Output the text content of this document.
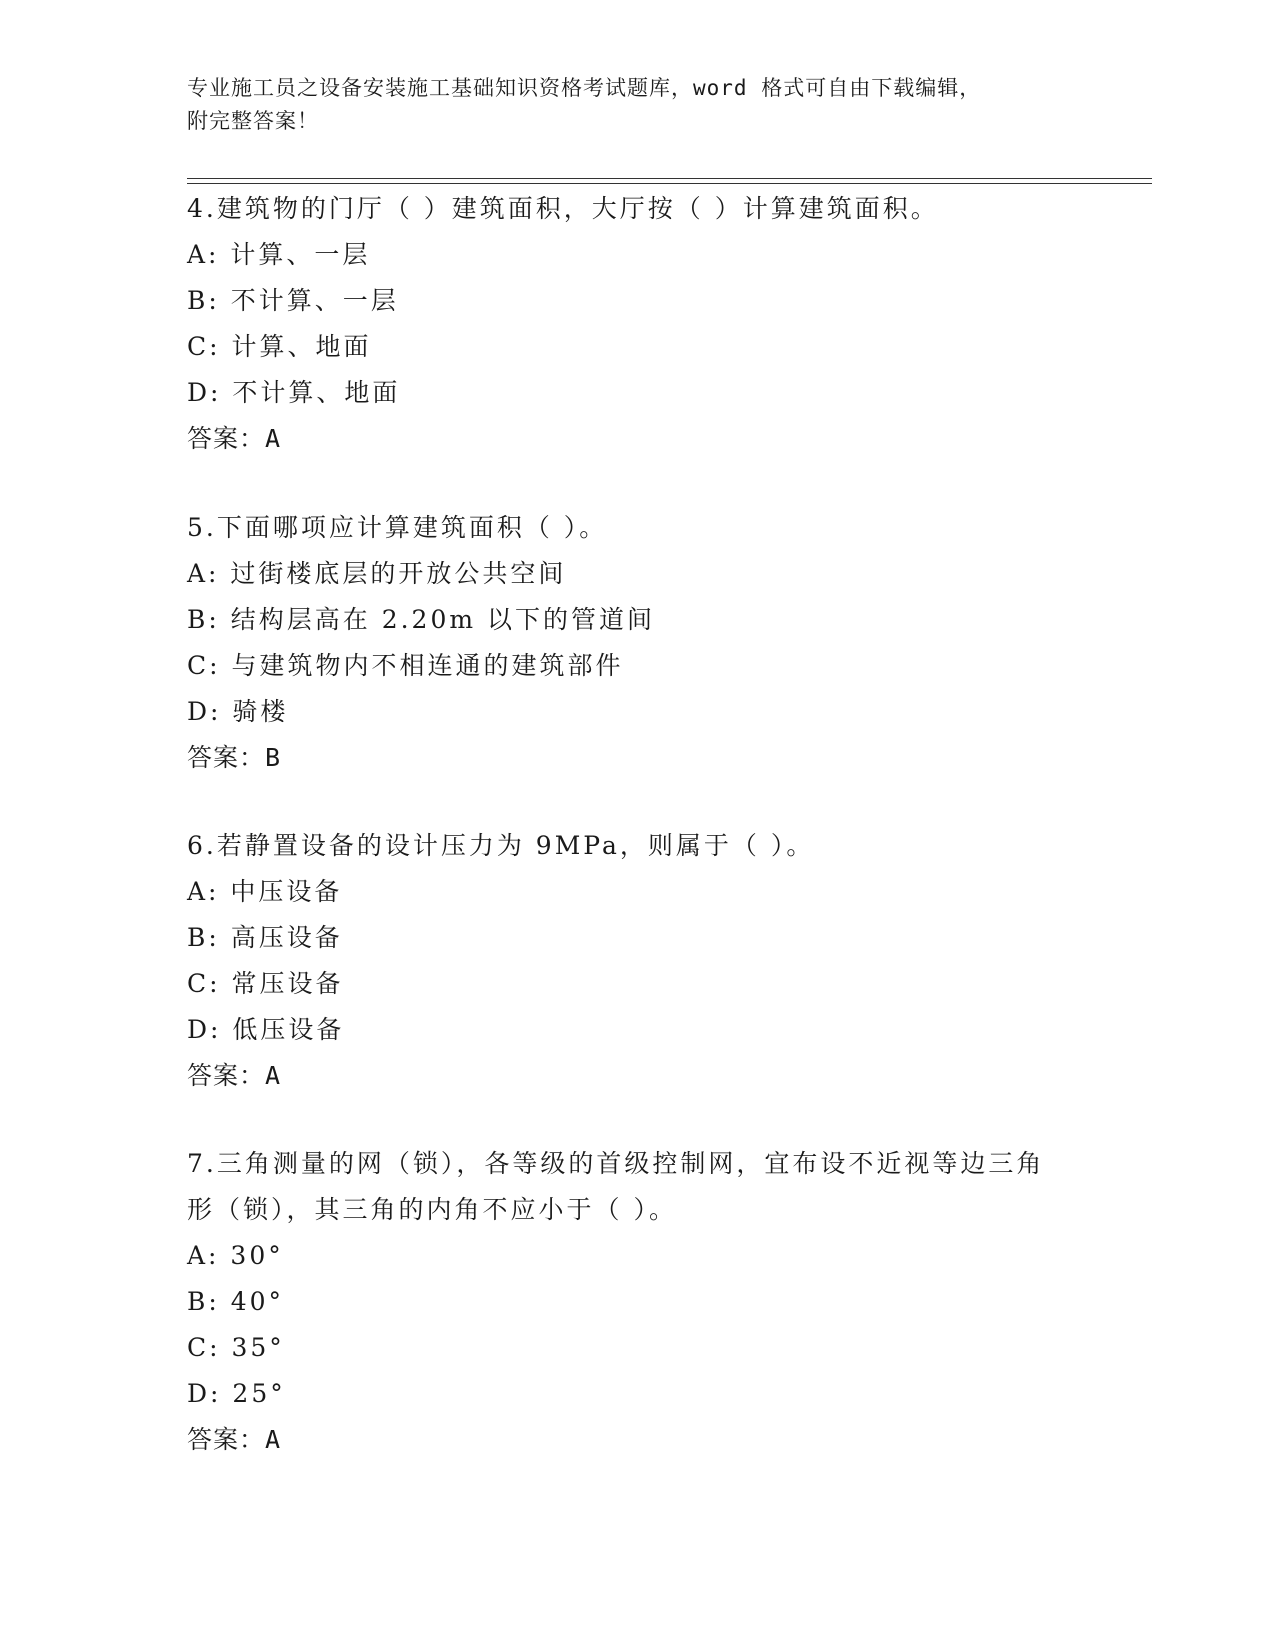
专业施工员之设备安装施工基础知识资格考试题库，word 格式可自由下载编辑，
附完整答案！
4.建筑物的门厅（ ）建筑面积，大厅按（ ）计算建筑面积。
A: 计算、一层
B: 不计算、一层
C: 计算、地面
D: 不计算、地面
答案：A
5.下面哪项应计算建筑面积（ ）。
A: 过街楼底层的开放公共空间
B: 结构层高在 2.20m 以下的管道间
C: 与建筑物内不相连通的建筑部件
D: 骑楼
答案：B
6.若静置设备的设计压力为 9MPa，则属于（ ）。
A: 中压设备
B: 高压设备
C: 常压设备
D: 低压设备
答案：A
7.三角测量的网（锁），各等级的首级控制网，宜布设不近视等边三角形（锁），其三角的内角不应小于（ ）。
A: 30°
B: 40°
C: 35°
D: 25°
答案：A
